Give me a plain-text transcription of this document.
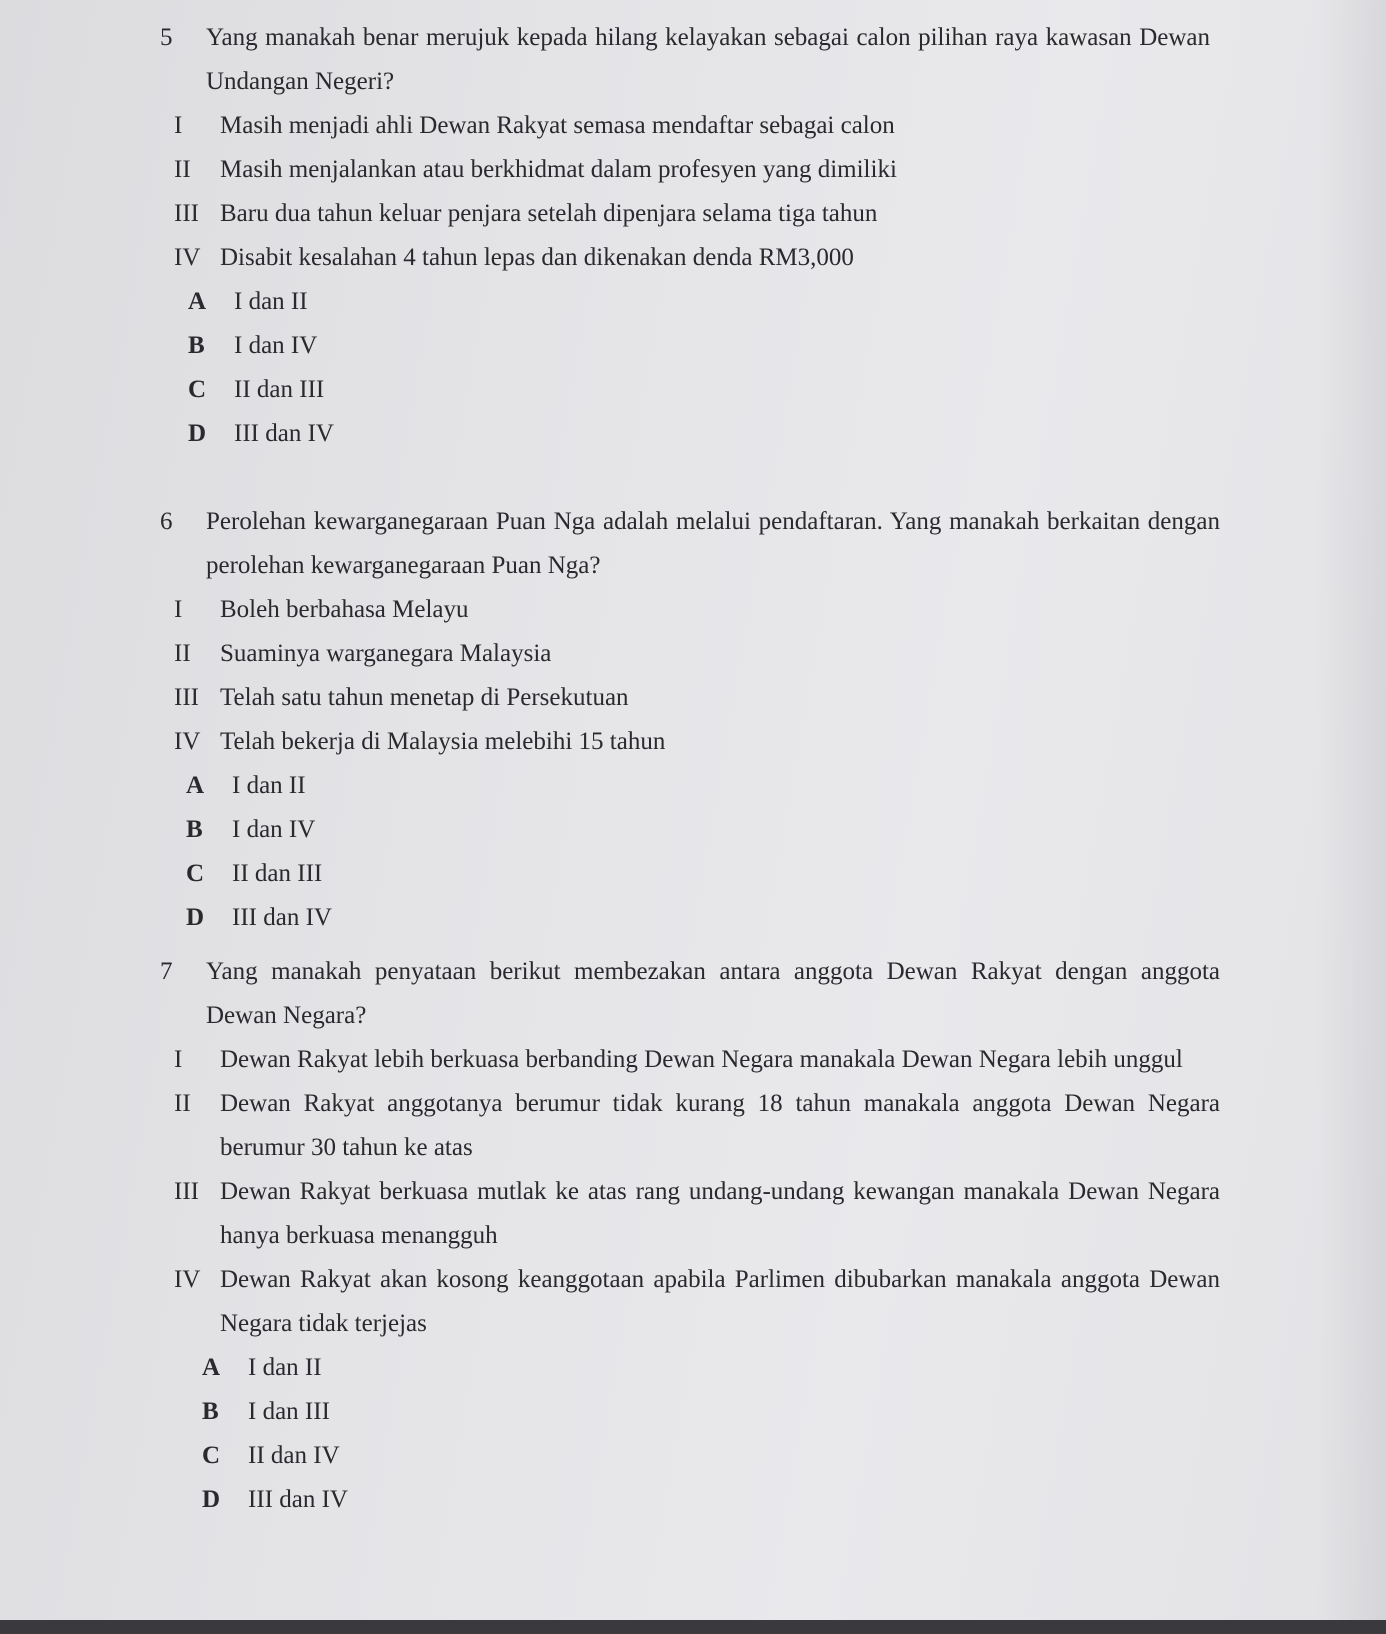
5 Yang manakah benar merujuk kepada hilang kelayakan sebagai calon pilihan raya kawasan Dewan Undangan Negeri?
I Masih menjadi ahli Dewan Rakyat semasa mendaftar sebagai calon
II Masih menjalankan atau berkhidmat dalam profesyen yang dimiliki
III Baru dua tahun keluar penjara setelah dipenjara selama tiga tahun
IV Disabit kesalahan 4 tahun lepas dan dikenakan denda RM3,000
A I dan II
B I dan IV
C II dan III
D III dan IV
6 Perolehan kewarganegaraan Puan Nga adalah melalui pendaftaran. Yang manakah berkaitan dengan perolehan kewarganegaraan Puan Nga?
I Boleh berbahasa Melayu
II Suaminya warganegara Malaysia
III Telah satu tahun menetap di Persekutuan
IV Telah bekerja di Malaysia melebihi 15 tahun
A I dan II
B I dan IV
C II dan III
D III dan IV
7 Yang manakah penyataan berikut membezakan antara anggota Dewan Rakyat dengan anggota Dewan Negara?
I Dewan Rakyat lebih berkuasa berbanding Dewan Negara manakala Dewan Negara lebih unggul
II Dewan Rakyat anggotanya berumur tidak kurang 18 tahun manakala anggota Dewan Negara berumur 30 tahun ke atas
III Dewan Rakyat berkuasa mutlak ke atas rang undang-undang kewangan manakala Dewan Negara hanya berkuasa menangguh
IV Dewan Rakyat akan kosong keanggotaan apabila Parlimen dibubarkan manakala anggota Dewan Negara tidak terjejas
A I dan II
B I dan III
C II dan IV
D III dan IV
